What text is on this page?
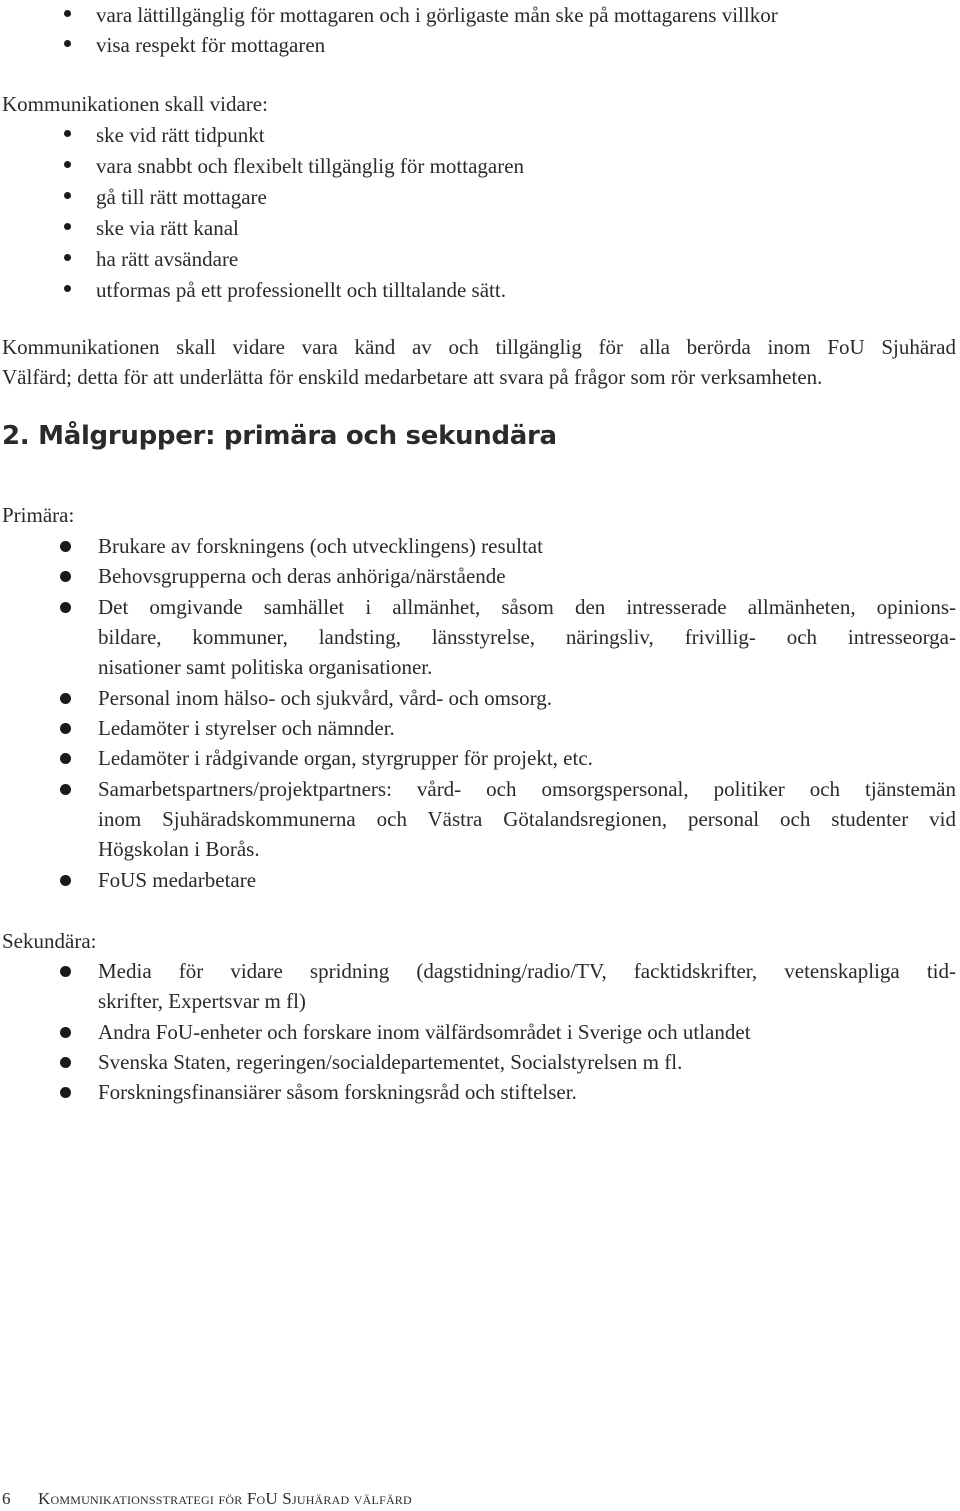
vara lättillgänglig för mottagaren och i görligaste mån ske på mottagarens villkor
visa respekt för mottagaren
Kommunikationen skall vidare:
ske vid rätt tidpunkt
vara snabbt och flexibelt tillgänglig för mottagaren
gå till rätt mottagare
ske via rätt kanal
ha rätt avsändare
utformas på ett professionellt och tilltalande sätt.
Kommunikationen skall vidare vara känd av och tillgänglig för alla berörda inom FoU Sjuhärad
Välfärd; detta för att underlätta för enskild medarbetare att svara på frågor som rör verksamheten.
2. Målgrupper: primära och sekundära
Primära:
Brukare av forskningens (och utvecklingens) resultat
Behovsgrupperna och deras anhöriga/närstående
Det omgivande samhället i allmänhet, såsom den intresserade allmänheten, opinions-
bildare, kommuner, landsting, länsstyrelse, näringsliv, frivillig- och intresseorga-
nisationer samt politiska organisationer.
Personal inom hälso- och sjukvård, vård- och omsorg.
Ledamöter i styrelser och nämnder.
Ledamöter i rådgivande organ, styrgrupper för projekt, etc.
Samarbetspartners/projektpartners: vård- och omsorgspersonal, politiker och tjänstemän
inom Sjuhäradskommunerna och Västra Götalandsregionen, personal och studenter vid
Högskolan i Borås.
FoUS medarbetare
Sekundära:
Media för vidare spridning (dagstidning/radio/TV, facktidskrifter, vetenskapliga tid-
skrifter, Expertsvar m fl)
Andra FoU-enheter och forskare inom välfärdsområdet i Sverige och utlandet
Svenska Staten, regeringen/socialdepartementet, Socialstyrelsen m fl.
Forskningsfinansiärer såsom forskningsråd och stiftelser.
6 Kommunikationsstrategi för FoU Sjuhärad välfärd
